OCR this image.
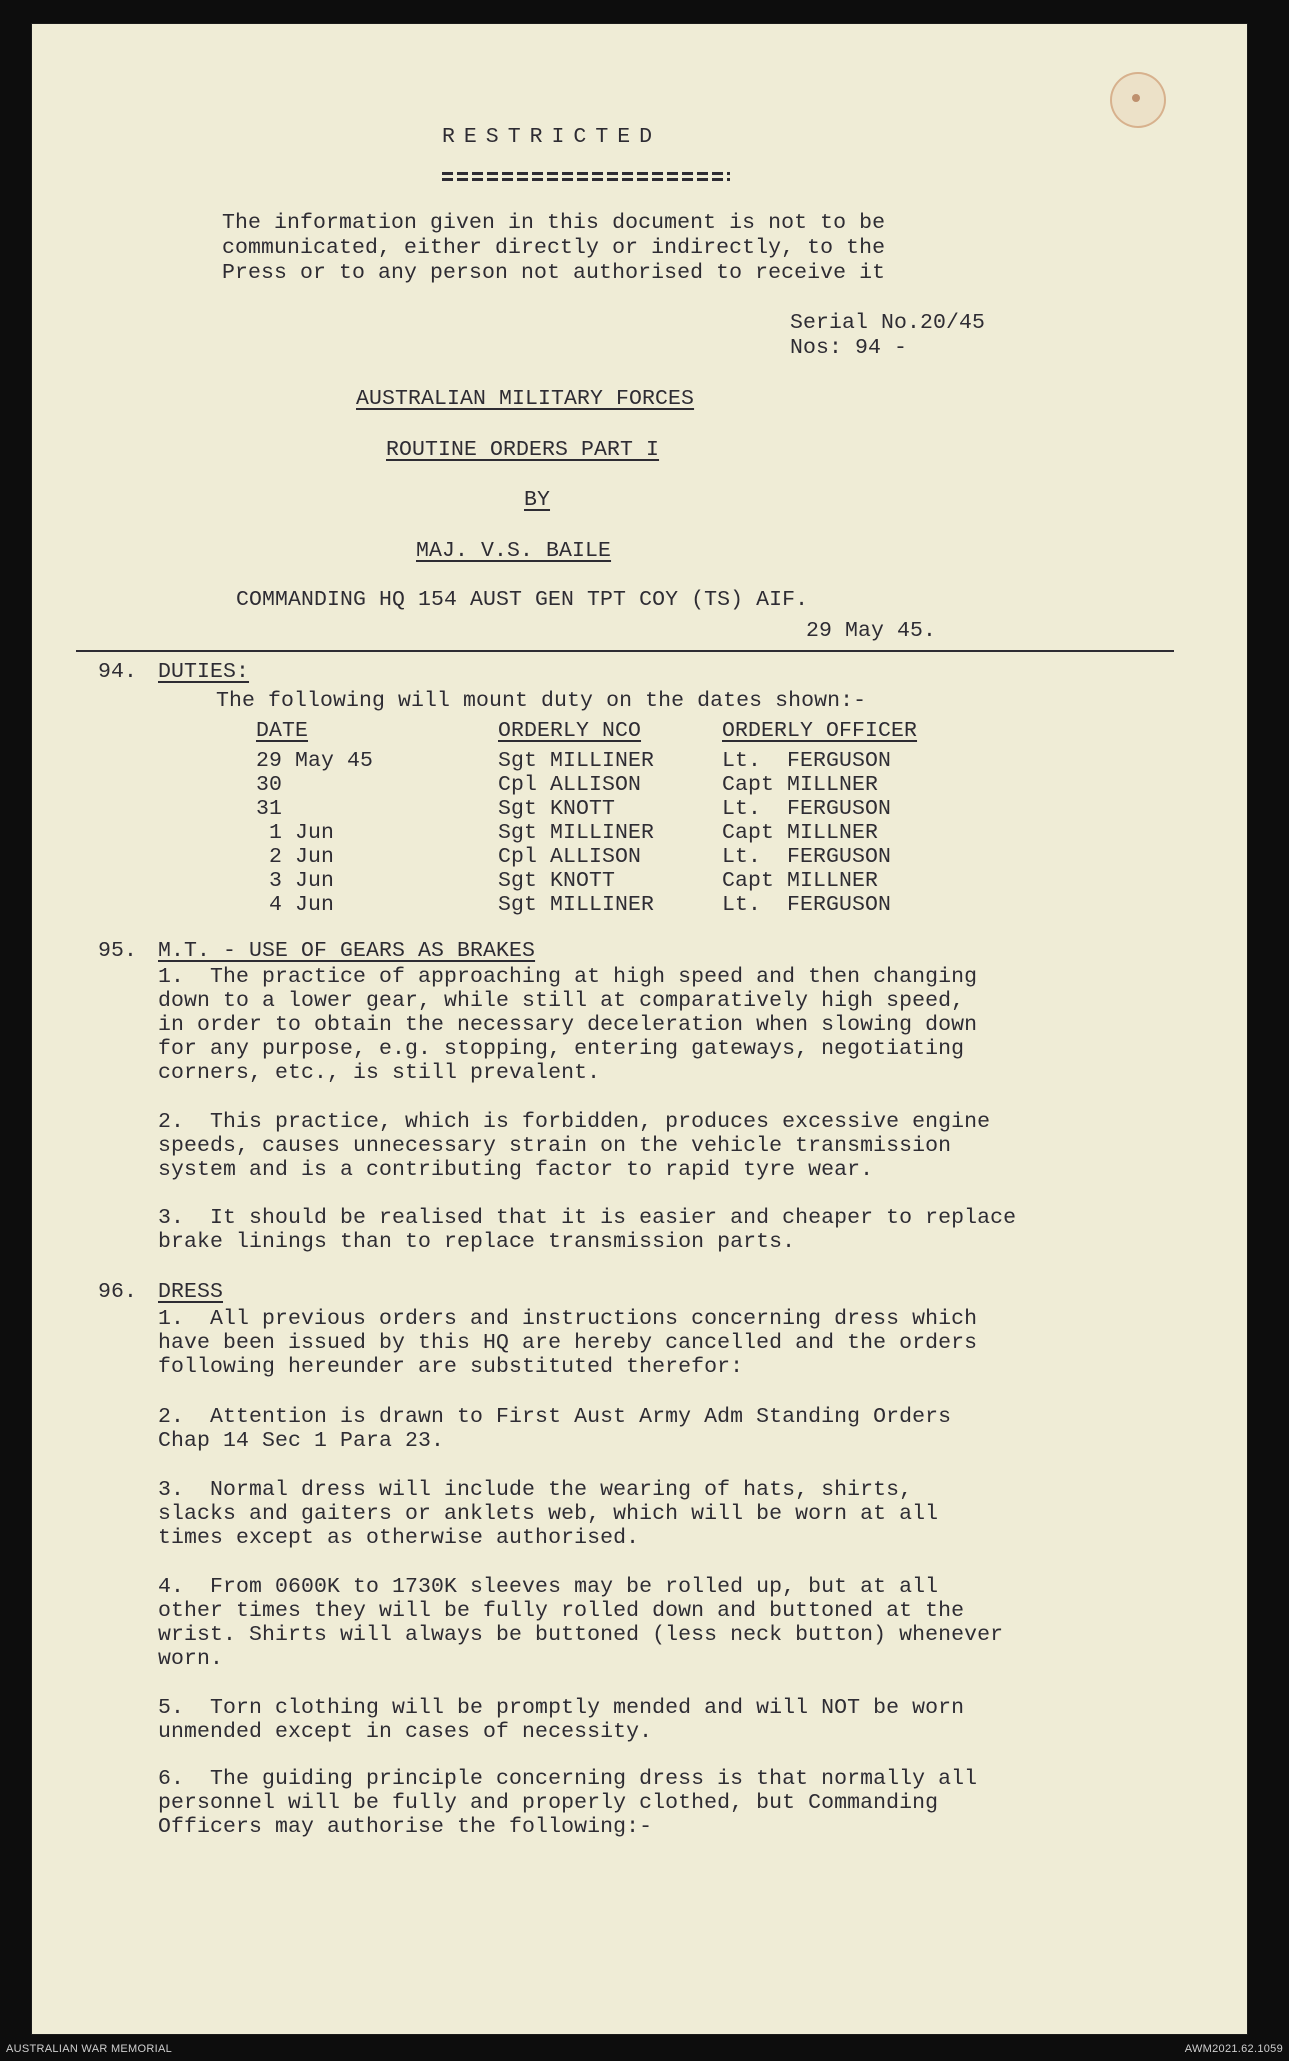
RESTRICTED
The information given in this document is not to be
communicated, either directly or indirectly, to the
Press or to any person not authorised to receive it
Serial No.20/45
Nos: 94 -
AUSTRALIAN MILITARY FORCES
ROUTINE ORDERS PART I
BY
MAJ. V.S. BAILE
COMMANDING HQ 154 AUST GEN TPT COY (TS) AIF.
29 May 45.
94. DUTIES:
The following will mount duty on the dates shown:-
DATE	ORDERLY NCO	ORDERLY OFFICER
29 May 45	Sgt MILLINER	Lt.  FERGUSON
30	Cpl ALLISON	Capt MILLNER
31	Sgt KNOTT	Lt.  FERGUSON
1 Jun	Sgt MILLINER	Capt MILLNER
2 Jun	Cpl ALLISON	Lt.  FERGUSON
3 Jun	Sgt KNOTT	Capt MILLNER
4 Jun	Sgt MILLINER	Lt.  FERGUSON
95. M.T. - USE OF GEARS AS BRAKES
1.  The practice of approaching at high speed and then changing
down to a lower gear, while still at comparatively high speed,
in order to obtain the necessary deceleration when slowing down
for any purpose, e.g. stopping, entering gateways, negotiating
corners, etc., is still prevalent.
2.  This practice, which is forbidden, produces excessive engine
speeds, causes unnecessary strain on the vehicle transmission
system and is a contributing factor to rapid tyre wear.
3.  It should be realised that it is easier and cheaper to replace
brake linings than to replace transmission parts.
96. DRESS
1.  All previous orders and instructions concerning dress which
have been issued by this HQ are hereby cancelled and the orders
following hereunder are substituted therefor:
2.  Attention is drawn to First Aust Army Adm Standing Orders
Chap 14 Sec 1 Para 23.
3.  Normal dress will include the wearing of hats, shirts,
slacks and gaiters or anklets web, which will be worn at all
times except as otherwise authorised.
4.  From 0600K to 1730K sleeves may be rolled up, but at all
other times they will be fully rolled down and buttoned at the
wrist. Shirts will always be buttoned (less neck button) whenever
worn.
5.  Torn clothing will be promptly mended and will NOT be worn
unmended except in cases of necessity.
6.  The guiding principle concerning dress is that normally all
personnel will be fully and properly clothed, but Commanding
Officers may authorise the following:-
AUSTRALIAN WAR MEMORIAL	AWM2021.62.1059
